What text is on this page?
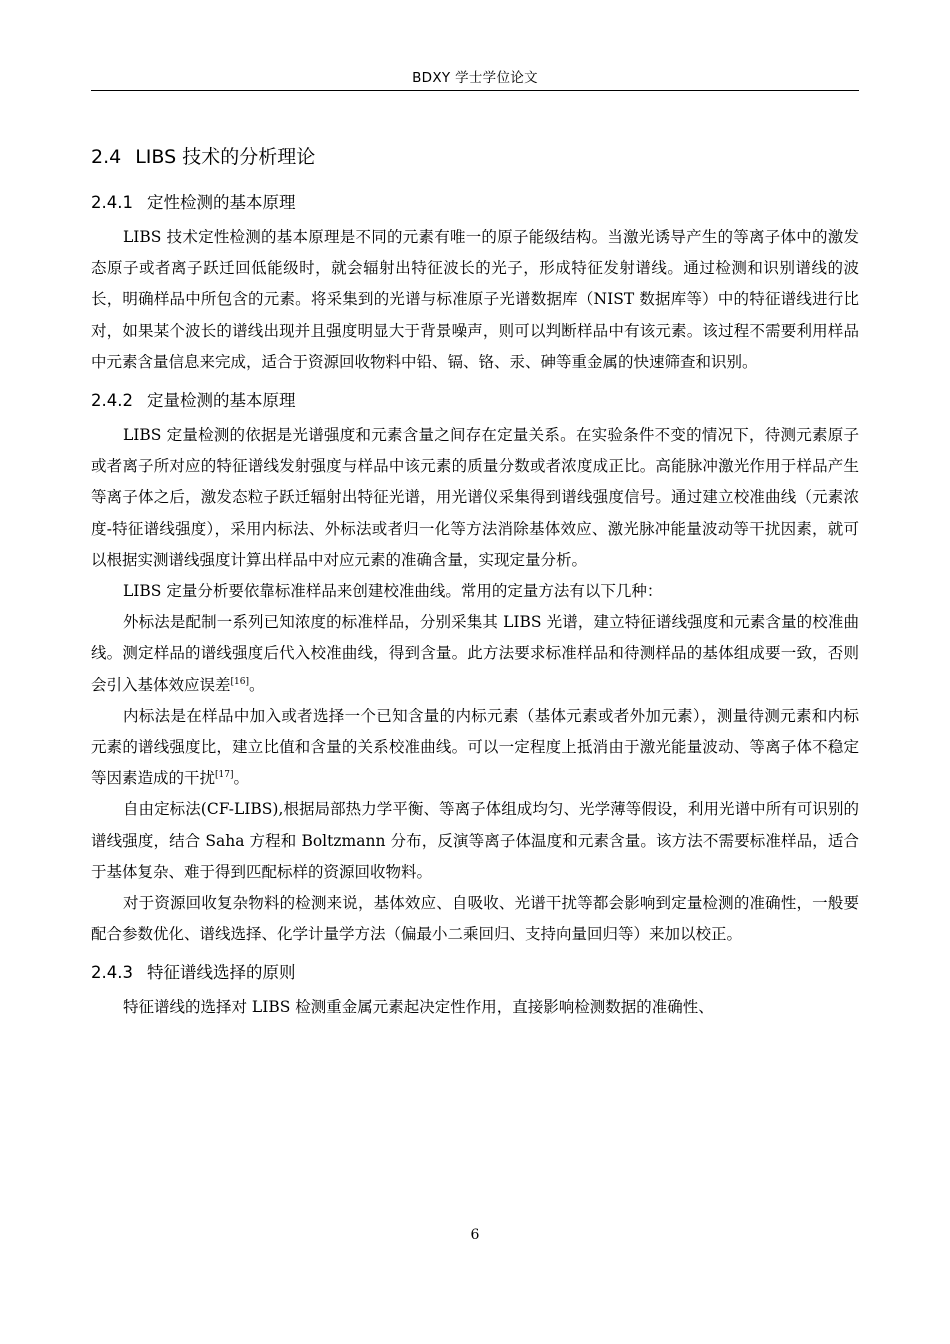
BDXY 学士学位论文
2.4 LIBS 技术的分析理论
2.4.1 定性检测的基本原理

LIBS 技术定性检测的基本原理是不同的元素有唯一的原子能级结构。当激光诱导产生的等离子体中的激发态原子或者离子跃迁回低能级时，就会辐射出特征波长的光子，形成特征发射谱线。通过检测和识别谱线的波长，明确样品中所包含的元素。将采集到的光谱与标准原子光谱数据库（NIST 数据库等）中的特征谱线进行比对，如果某个波长的谱线出现并且强度明显大于背景噪声，则可以判断样品中有该元素。该过程不需要利用样品中元素含量信息来完成，适合于资源回收物料中铅、镉、铬、汞、砷等重金属的快速筛查和识别。

2.4.2 定量检测的基本原理

LIBS 定量检测的依据是光谱强度和元素含量之间存在定量关系。在实验条件不变的情况下，待测元素原子或者离子所对应的特征谱线发射强度与样品中该元素的质量分数或者浓度成正比。高能脉冲激光作用于样品产生等离子体之后，激发态粒子跃迁辐射出特征光谱，用光谱仪采集得到谱线强度信号。通过建立校准曲线（元素浓度-特征谱线强度），采用内标法、外标法或者归一化等方法消除基体效应、激光脉冲能量波动等干扰因素，就可以根据实测谱线强度计算出样品中对应元素的准确含量，实现定量分析。

LIBS 定量分析要依靠标准样品来创建校准曲线。常用的定量方法有以下几种：

外标法是配制一系列已知浓度的标准样品，分别采集其 LIBS 光谱，建立特征谱线强度和元素含量的校准曲线。测定样品的谱线强度后代入校准曲线，得到含量。此方法要求标准样品和待测样品的基体组成要一致，否则会引入基体效应误差[16]。

内标法是在样品中加入或者选择一个已知含量的内标元素（基体元素或者外加元素），测量待测元素和内标元素的谱线强度比，建立比值和含量的关系校准曲线。可以一定程度上抵消由于激光能量波动、等离子体不稳定等因素造成的干扰[17]。

自由定标法(CF-LIBS),根据局部热力学平衡、等离子体组成均匀、光学薄等假设，利用光谱中所有可识别的谱线强度，结合 Saha 方程和 Boltzmann 分布，反演等离子体温度和元素含量。该方法不需要标准样品，适合于基体复杂、难于得到匹配标样的资源回收物料。

对于资源回收复杂物料的检测来说，基体效应、自吸收、光谱干扰等都会影响到定量检测的准确性，一般要配合参数优化、谱线选择、化学计量学方法（偏最小二乘回归、支持向量回归等）来加以校正。

2.4.3 特征谱线选择的原则

特征谱线的选择对 LIBS 检测重金属元素起决定性作用，直接影响检测数据的准确性、

6
